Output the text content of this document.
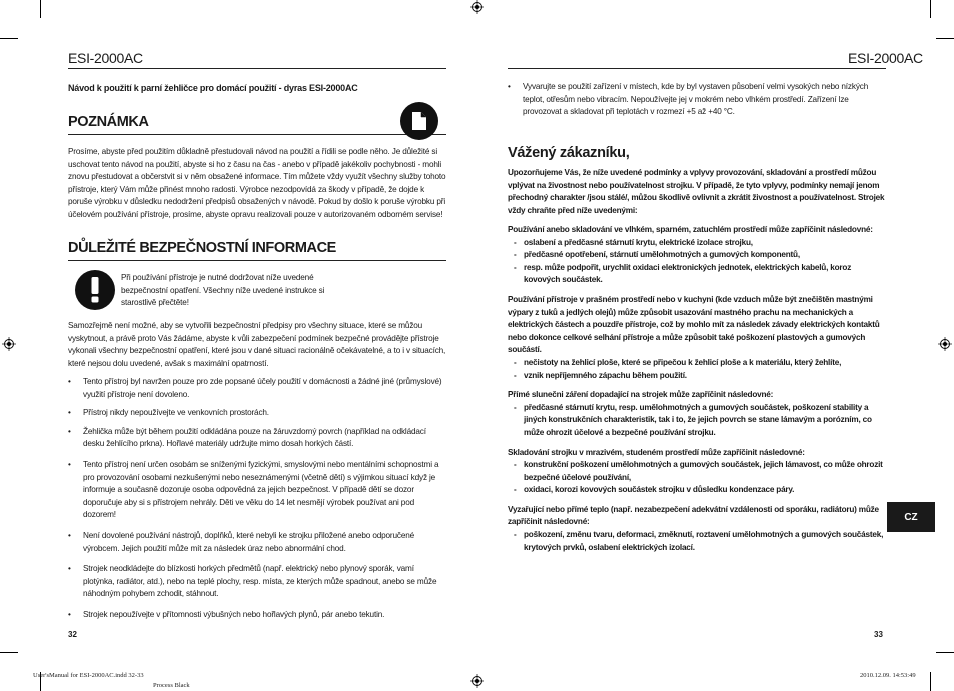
ESI-2000AC
Návod k použití k parní žehličce pro domácí použití - dyras ESI-2000AC
POZNÁMKA
Prosíme, abyste před použitím důkladně přestudovali návod na použití a řídili se podle něho. Je důležité si uschovat tento návod na použití, abyste si ho z času na čas - anebo v případě jakékoliv pochybnosti - mohli znovu přestudovat a občerstvit si v něm obsažené informace. Tím můžete vždy využít všechny služby tohoto přístroje, který Vám může přinést mnoho radosti. Výrobce nezodpovídá za škody v případě, že dojde k poruše výrobku v důsledku nedodržení předpisů obsažených v návodě. Pokud by došlo k poruše výrobku při účelovém používání přístroje, prosíme, abyste opravu realizovali pouze v autorizovaném odborném servise!
DŮLEŽITÉ BEZPEČNOSTNÍ INFORMACE
Při používání přístroje je nutné dodržovat níže uvedené bezpečnostní opatření. Všechny níže uvedené instrukce si starostlivě přečtěte!
Samozřejmě není možné, aby se vytvořili bezpečnostní předpisy pro všechny situace, které se můžou vyskytnout, a právě proto Vás žádáme, abyste k vůli zabezpečení podmínek bezpečné provádějte přístroje vykonali všechny bezpečnostní opatření, které jsou v dané situaci racionálně očekávatelné, a to i v situacích, které nejsou dolu uvedené, avšak s maximální opatrností.
• Tento přístroj byl navržen pouze pro zde popsané účely použití v domácnosti a žádné jiné (průmyslové) využití přístroje není dovoleno.
• Přístroj nikdy nepoužívejte ve venkovních prostorách.
• Žehlička může být během použití odkládána pouze na žáruvzdorný povrch (například na odkládací desku žehlícího prkna). Hořlavé materiály udržujte mimo dosah horkých částí.
• Tento přístroj není určen osobám se sníženými fyzickými, smyslovými nebo mentálními schopnostmi a pro provozování osobami nezkušenými nebo neseznámenými (včetně dětí) s výjimkou situací když je informuje a současně dozoruje osoba odpovědná za jejich bezpečnost. V případě dětí se dozor doporučuje aby si s přístrojem nehrály. Děti ve věku do 14 let nesmějí výrobek používat ani pod dozorem!
• Není dovolené používání nástrojů, doplňků, které nebyli ke strojku přiložené anebo odporučené výrobcem. Jejich použití může mít za následek úraz nebo abnormální chod.
• Strojek neodkládejte do blízkosti horkých předmětů (např. elektrický nebo plynový sporák, vamí plotýnka, radiátor, atd.), nebo na teplé plochy, resp. místa, ze kterých může spadnout, anebo se může náhodným pohybem zchodit, stáhnout.
• Strojek nepoužívejte v přítomnosti výbušných nebo hořlavých plynů, pár anebo tekutin.
32
ESI-2000AC
• Vyvarujte se použití zařízení v místech, kde by byl vystaven působení velmi vysokých nebo nízkých teplot, otřesům nebo vibracím. Nepoužívejte jej v mokrém nebo vlhkém prostředí. Zařízení lze provozovat a skladovat při teplotách v rozmezí +5 až +40 °C.
Vážený zákazníku,
Upozorňujeme Vás, že níže uvedené podmínky a vplyvy provozování, skladování a prostředí můžou vplývat na živostnost nebo používatelnost strojku. V případě, že tyto vplyvy, podmínky nemají jenom přechodný charakter /jsou stálé/, můžou škodlivě ovlivnit a zkrátit živostnost a používatelnost. Strojek vždy chraňte před níže uvedenými:
Používání anebo skladování ve vlhkém, sparném, zatuchlém prostředí může zapříčinit následovné:
- oslabení a předčasné stárnutí krytu, elektrické izolace strojku,
- předčasné opotřebení, stárnutí umělohmotných a gumových komponentů,
- resp. může podpořit, urychlit oxidaci elektronických jednotek, elektrických kabelů, koroz kovových součástek.
Používání přístroje v prašném prostředí nebo v kuchyni (kde vzduch může být znečištěn mastnými výpary z tuků a jedlých olejů) může způsobit usazování mastného prachu na mechanických a elektrických částech a pouzdře přístroje, což by mohlo mít za následek závady elektrických kontaktů nebo dokonce celkové selhání přístroje a může způsobit také poškození plastových a gumových součástí.
- nečistoty na žehlicí ploše, které se připečou k žehlicí ploše a k materiálu, který žehlíte,
- vznik nepříjemného zápachu během použití.
Přímé slunečni záření dopadající na strojek může zapříčinit následovné:
- předčasné stárnutí krytu, resp. umělohmotných a gumových součástek, poškození stability a jiných konstrukčních charakteristik, tak i to, že jejich povrch se stane lámavým a porózním, co může ohrozit účelové a bezpečné používání strojku.
Skladování strojku v mrazivém, studeném prostředí může zapříčinit následovné:
- konstrukční poškození umělohmotných a gumových součástek, jejich lámavost, co může ohrozit bezpečné účelové používání,
- oxidaci, korozi kovových součástek strojku v důsledku kondenzace páry.
Vyzařující nebo přímé teplo (např. nezabezpečení adekvátní vzdálenosti od sporáku, radiátoru) může zapříčinit následovné:
- poškození, změnu tvaru, deformaci, změknutí, roztavení umělohmotných a gumových součástek, krytových prvků, oslabení elektrických izolací.
CZ
33
User'sManual for ESI-2000AC.indd 32-33
Process Black
2010.12.09. 14:53:49
